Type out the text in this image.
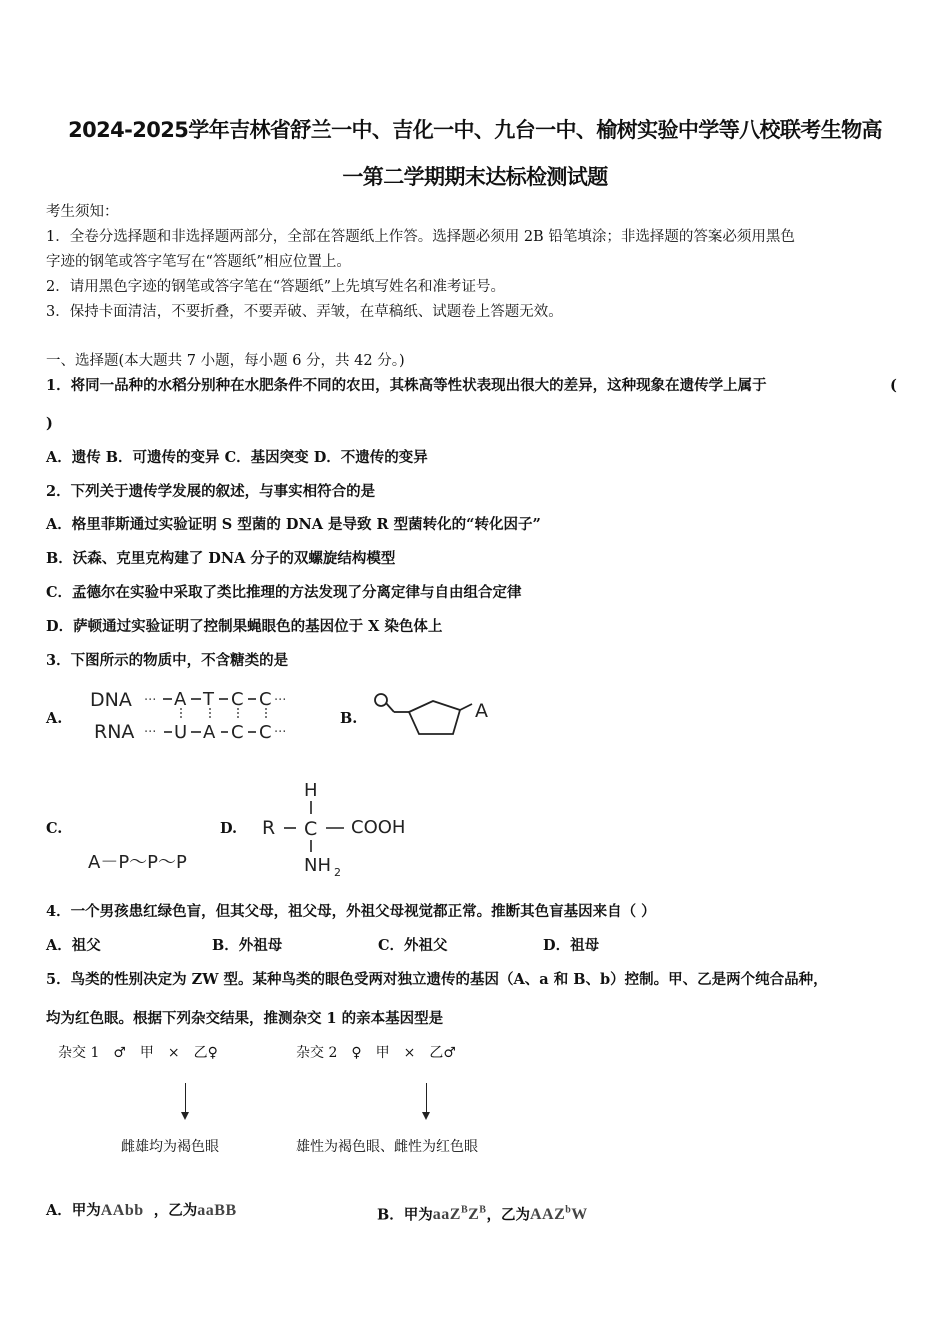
2024-2025学年吉林省舒兰一中、吉化一中、九台一中、榆树实验中学等八校联考生物高
一第二学期期末达标检测试题
考生须知：
1．全卷分选择题和非选择题两部分，全部在答题纸上作答。选择题必须用 2B 铅笔填涂；非选择题的答案必须用黑色
字迹的钢笔或答字笔写在“答题纸”相应位置上。
2．请用黑色字迹的钢笔或答字笔在“答题纸”上先填写姓名和准考证号。
3．保持卡面清洁，不要折叠，不要弄破、弄皱，在草稿纸、试题卷上答题无效。
一、选择题(本大题共 7 小题，每小题 6 分，共 42 分。)
1．将同一品种的水稻分别种在水肥条件不同的农田，其株高等性状表现出很大的差异，这种现象在遗传学上属于	(
)
A．遗传 B．可遗传的变异 C．基因突变 D．不遗传的变异
2．下列关于遗传学发展的叙述，与事实相符合的是
A．格里菲斯通过实验证明 S 型菌的 DNA 是导致 R 型菌转化的“转化因子”
B．沃森、克里克构建了 DNA 分子的双螺旋结构模型
C．孟德尔在实验中采取了类比推理的方法发现了分离定律与自由组合定律
D．萨顿通过实验证明了控制果蝇眼色的基因位于 X 染色体上
3．下图所示的物质中，不含糖类的是
A.	B.
C.	D.
DNA
RNA
···
···
···
···
A T C C
U A C C
A
A－P～P～P
H
R C COOH
NH 2
4．一个男孩患红绿色盲，但其父母，祖父母，外祖父母视觉都正常。推断其色盲基因来自（ ）
A．祖父	B．外祖母	C．外祖父	D．祖母
5．鸟类的性别决定为 ZW 型。某种鸟类的眼色受两对独立遗传的基因（A、a 和 B、b）控制。甲、乙是两个纯合品种，
均为红色眼。根据下列杂交结果，推测杂交 1 的亲本基因型是
杂交 1　♂　甲　×　乙♀	杂交 2　♀　甲　×　乙♂
雌雄均为褐色眼	雄性为褐色眼、雌性为红色眼
A．甲为AAbb ，乙为aaBB	B．甲为$aaZ^BZ^B$，乙为AAZ$^b$W
